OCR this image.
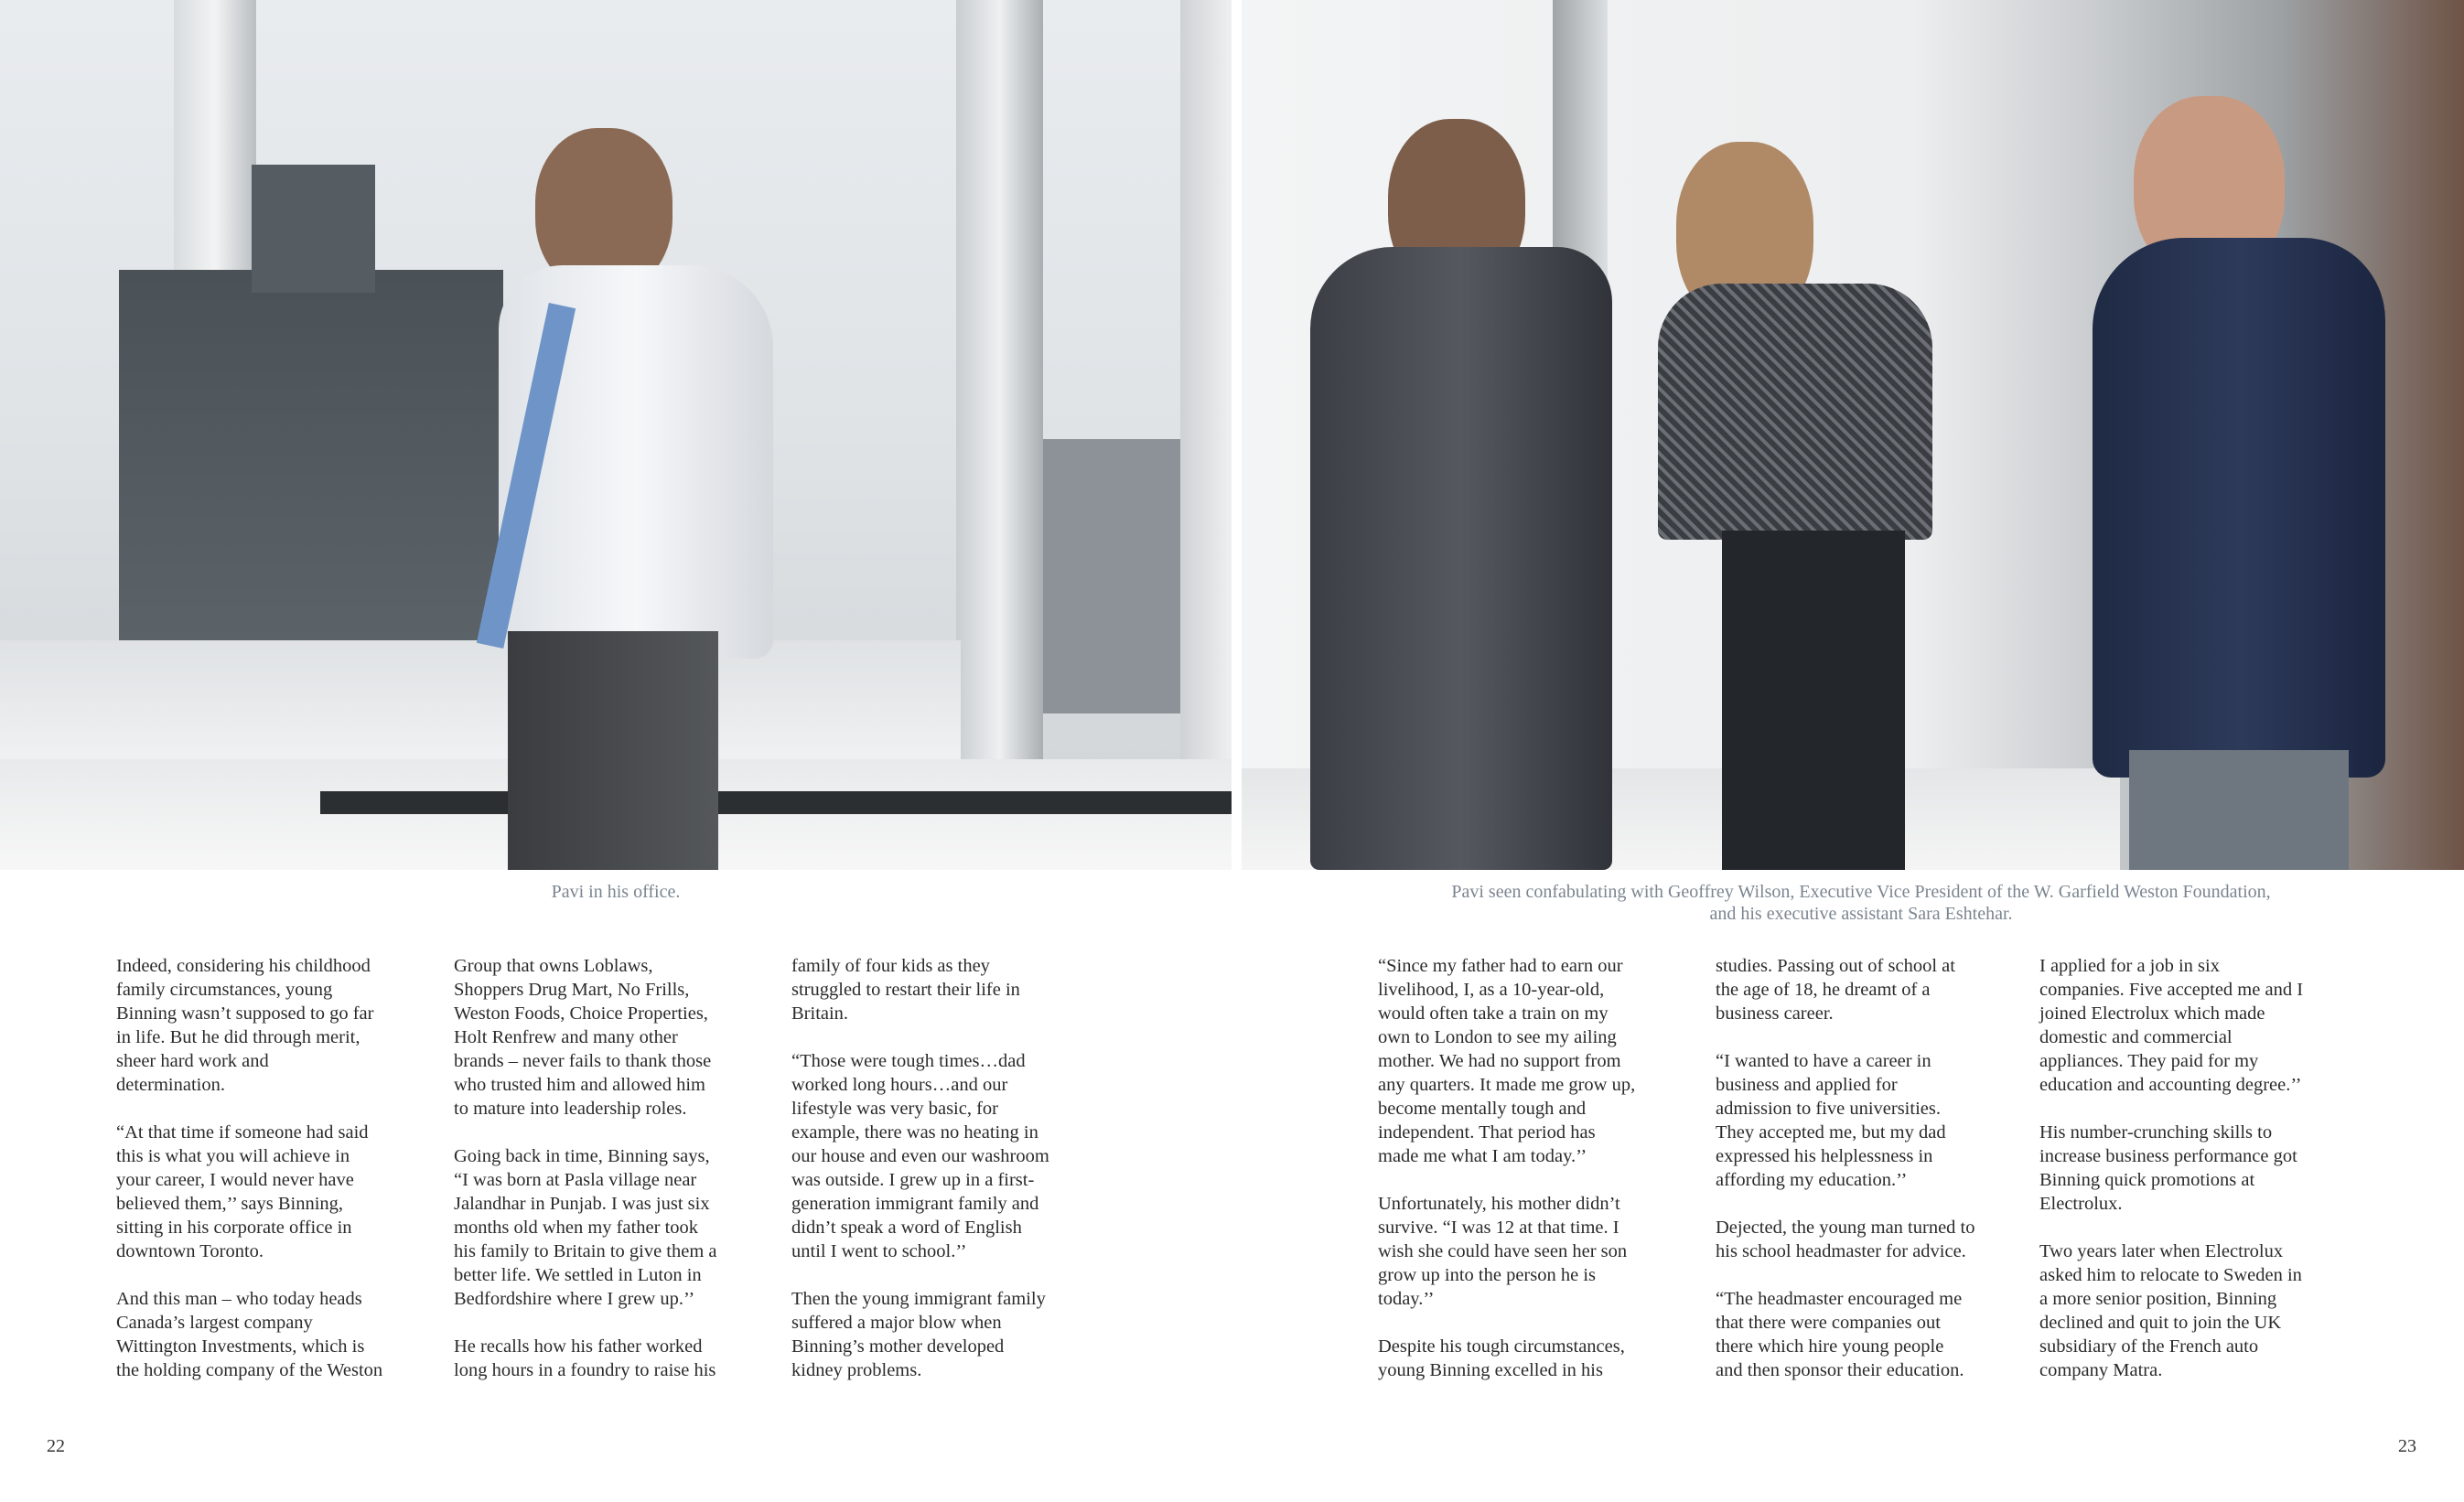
Pavi in his office.	Pavi seen confabulating with Geoffrey Wilson, Executive Vice President of the W. Garfield Weston Foundation,
and his executive assistant Sara Eshtehar.

Indeed, considering his childhood
family circumstances, young
Binning wasn’t supposed to go far
in life. But he did through merit,
sheer hard work and
determination.

“At that time if someone had said
this is what you will achieve in
your career, I would never have
believed them,’’ says Binning,
sitting in his corporate office in
downtown Toronto.

And this man – who today heads
Canada’s largest company
Wittington Investments, which is
the holding company of the Weston

Group that owns Loblaws,
Shoppers Drug Mart, No Frills,
Weston Foods, Choice Properties,
Holt Renfrew and many other
brands – never fails to thank those
who trusted him and allowed him
to mature into leadership roles.

Going back in time, Binning says,
“I was born at Pasla village near
Jalandhar in Punjab. I was just six
months old when my father took
his family to Britain to give them a
better life. We settled in Luton in
Bedfordshire where I grew up.’’

He recalls how his father worked
long hours in a foundry to raise his

family of four kids as they
struggled to restart their life in
Britain.

“Those were tough times…dad
worked long hours…and our
lifestyle was very basic, for
example, there was no heating in
our house and even our washroom
was outside. I grew up in a first-
generation immigrant family and
didn’t speak a word of English
until I went to school.’’

Then the young immigrant family
suffered a major blow when
Binning’s mother developed
kidney problems.

“Since my father had to earn our
livelihood, I, as a 10-year-old,
would often take a train on my
own to London to see my ailing
mother. We had no support from
any quarters. It made me grow up,
become mentally tough and
independent. That period has
made me what I am today.’’

Unfortunately, his mother didn’t
survive. “I was 12 at that time. I
wish she could have seen her son
grow up into the person he is
today.’’

Despite his tough circumstances,
young Binning excelled in his

studies. Passing out of school at
the age of 18, he dreamt of a
business career.

“I wanted to have a career in
business and applied for
admission to five universities.
They accepted me, but my dad
expressed his helplessness in
affording my education.’’

Dejected, the young man turned to
his school headmaster for advice.

“The headmaster encouraged me
that there were companies out
there which hire young people
and then sponsor their education.

I applied for a job in six
companies. Five accepted me and I
joined Electrolux which made
domestic and commercial
appliances. They paid for my
education and accounting degree.’’

His number-crunching skills to
increase business performance got
Binning quick promotions at
Electrolux.

Two years later when Electrolux
asked him to relocate to Sweden in
a more senior position, Binning
declined and quit to join the UK
subsidiary of the French auto
company Matra.

22	23
